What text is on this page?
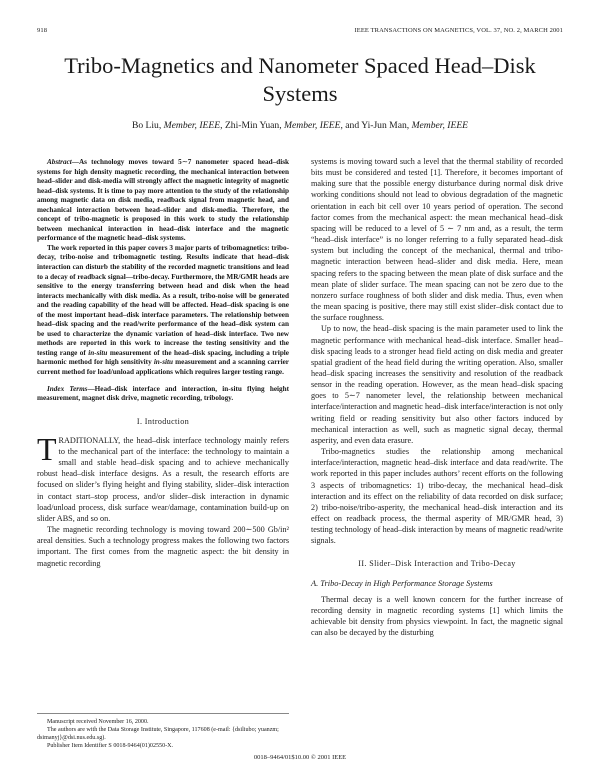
918	IEEE TRANSACTIONS ON MAGNETICS, VOL. 37, NO. 2, MARCH 2001
Tribo-Magnetics and Nanometer Spaced Head–Disk Systems
Bo Liu, Member, IEEE, Zhi-Min Yuan, Member, IEEE, and Yi-Jun Man, Member, IEEE

Abstract—As technology moves toward 5∼7 nanometer spaced head–disk systems for high density magnetic recording, the mechanical interaction between head–slider and disk-media will strongly affect the magnetic integrity of magnetic head–disk systems. It is time to pay more attention to the study of the relationship among magnetic data on disk media, readback signal from magnetic head, and mechanical interaction between head–slider and disk-media. Therefore, the concept of tribo-magnetic is proposed in this work to study the relationship between mechanical interaction in head–disk interface and the magnetic performance of the magnetic head–disk systems.

The work reported in this paper covers 3 major parts of tribomagnetics: tribo-decay, tribo-noise and tribomagnetic testing. Results indicate that head–disk interaction can disturb the stability of the recorded magnetic transitions and lead to a decay of readback signal—tribo-decay. Furthermore, the MR/GMR heads are sensitive to the energy transferring between head and disk when the head interacts mechanically with disk media. As a result, tribo-noise will be generated and the reading capability of the head will be affected. Head–disk spacing is one of the most important head–disk interface parameters. The relationship between head–disk spacing and the read/write performance of the head–disk system can be used to characterize the dynamic variation of head–disk interface. Two new methods are reported in this work to increase the testing sensitivity and the testing range of in-situ measurement of the head–disk spacing, including a triple harmonic method for high sensitivity in-situ measurement and a scanning carrier current method for load/unload applications which requires larger testing range.

Index Terms—Head–disk interface and interaction, in-situ flying height measurement, magnet disk drive, magnetic recording, tribology.

I. Introduction

TRADITIONALLY, the head–disk interface technology mainly refers to the mechanical part of the interface: the technology to maintain a small and stable head–disk spacing and to achieve mechanically robust head–disk interface designs. As a result, the research efforts are focused on slider’s flying height and flying stability, slider–disk interaction in contact start–stop process, and/or slider–disk interaction in dynamic load/unload process, disk surface wear/damage, contamination build-up on slider ABS, and so on.

The magnetic recording technology is moving toward 200∼500 Gb/in² areal densities. Such a technology progress makes the following two factors important. The first comes from the magnetic aspect: the bit density in magnetic recording

systems is moving toward such a level that the thermal stability of recorded bits must be considered and tested [1]. Therefore, it becomes important of making sure that the possible energy disturbance during normal disk drive working conditions should not lead to obvious degradation of the magnetic orientation in each bit cell over 10 years period of operation. The second factor comes from the mechanical aspect: the mean mechanical head–disk spacing will be reduced to a level of 5 ∼ 7 nm and, as a result, the term “head–disk interface” is no longer referring to a fully separated head–disk system but including the concept of the mechanical, thermal and tribo-magnetic interaction between head–slider and disk media. Here, mean spacing refers to the spacing between the mean plate of disk surface and the mean plate of slider surface. The mean spacing can not be zero due to the nonzero surface roughness of both slider and disk media. Thus, even when the mean spacing is positive, there may still exist slider–disk contact due to the surface roughness.

Up to now, the head–disk spacing is the main parameter used to link the magnetic performance with mechanical head–disk interface. Smaller head–disk spacing leads to a stronger head field acting on disk media and greater spatial gradient of the head field during the writing operation. Also, smaller head–disk spacing increases the sensitivity and resolution of the readback sensor in the reading operation. However, as the mean head–disk spacing goes to 5∼7 nanometer level, the relationship between mechanical interface/interaction and magnetic head–disk interface/interaction is not only writing field or reading sensitivity but also other factors induced by mechanical interaction as well, such as magnetic signal decay, thermal asperity, and even data erasure.

Tribo-magnetics studies the relationship among mechanical interface/interaction, magnetic head–disk interface and data read/write. The work reported in this paper includes authors’ recent efforts on the following 3 aspects of tribomagnetics: 1) tribo-decay, the mechanical head–disk interaction and its effect on the reliability of data recorded on disk surface; 2) tribo-noise/tribo-asperity, the mechanical head–disk interaction and its effect on readback process, the thermal asperity of MR/GMR head, 3) testing technology of head–disk interaction by means of magnetic read/write signals.

II. Slider–Disk Interaction and Tribo-Decay
A. Tribo-Decay in High Performance Storage Systems

Thermal decay is a well known concern for the further increase of recording density in magnetic recording systems [1] which limits the achievable bit density from physics viewpoint. In fact, the magnetic signal can also be decayed by the disturbing

Manuscript received November 16, 2000.
The authors are with the Data Storage Institute, Singapore, 117608 (e-mail: {dsiliubo; yuanzm; dsimanyj}@dsi.nus.edu.sg).
Publisher Item Identifier S 0018-9464(01)02550-X.
0018–9464/01$10.00 © 2001 IEEE
